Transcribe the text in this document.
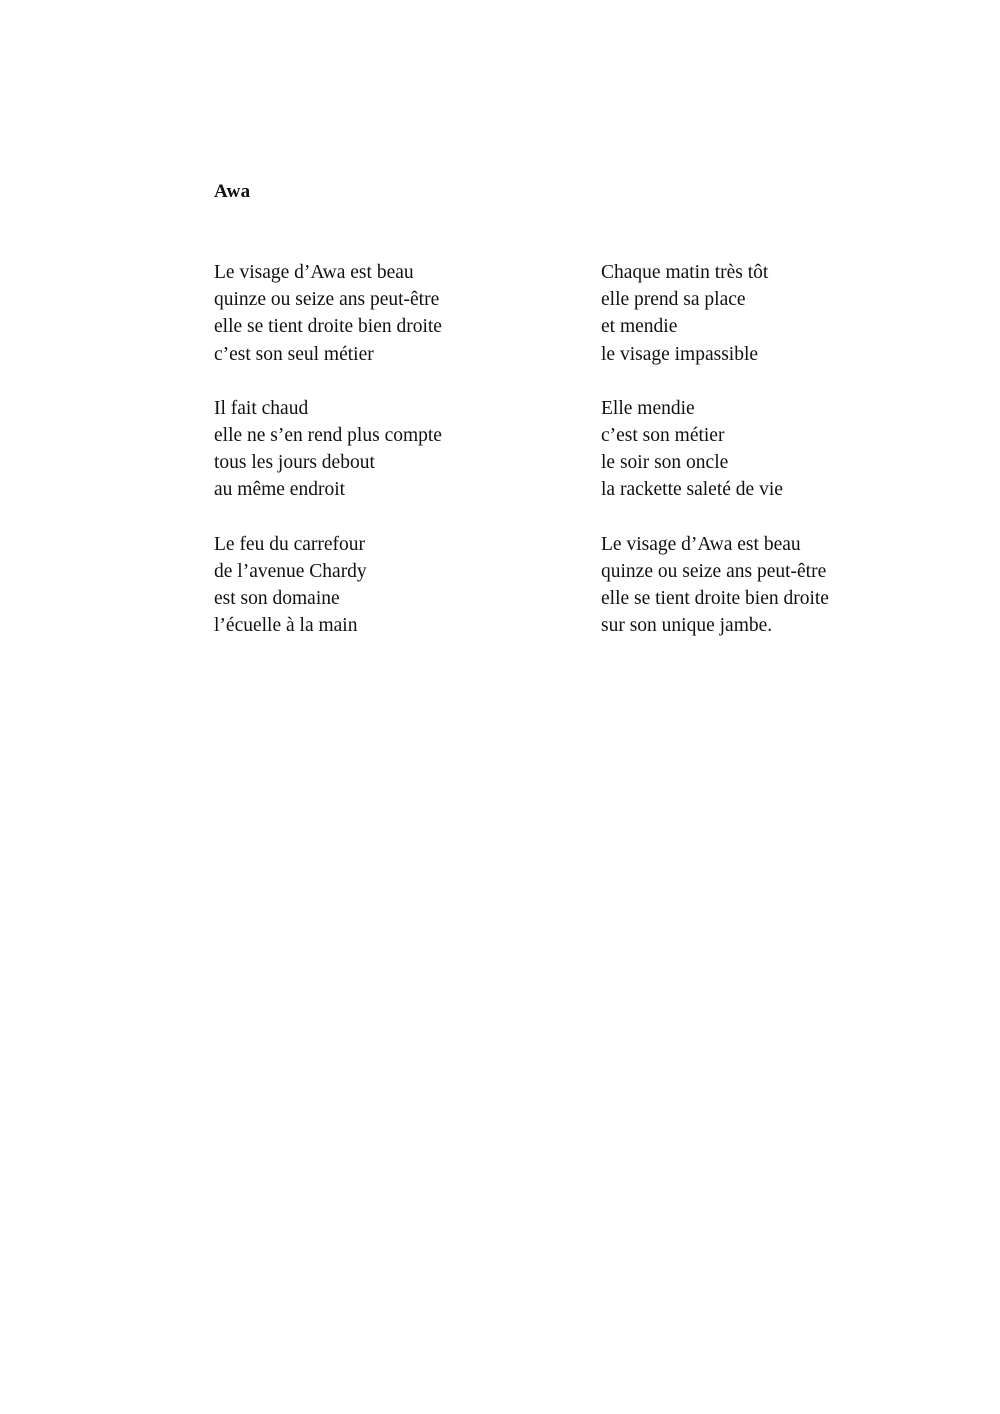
Awa
Le visage d’Awa est beau
quinze ou seize ans peut-être
elle se tient droite bien droite
c’est son seul métier
Il fait chaud
elle ne s’en rend plus compte
tous les jours debout
au même endroit
Le feu du carrefour
de l’avenue Chardy
est son domaine
l’écuelle à la main
Chaque matin très tôt
elle prend sa place
et mendie
le visage impassible
Elle mendie
c’est son métier
le soir son oncle
la rackette saleté de vie
Le visage d’Awa est beau
quinze ou seize ans peut-être
elle se tient droite bien droite
sur son unique jambe.
